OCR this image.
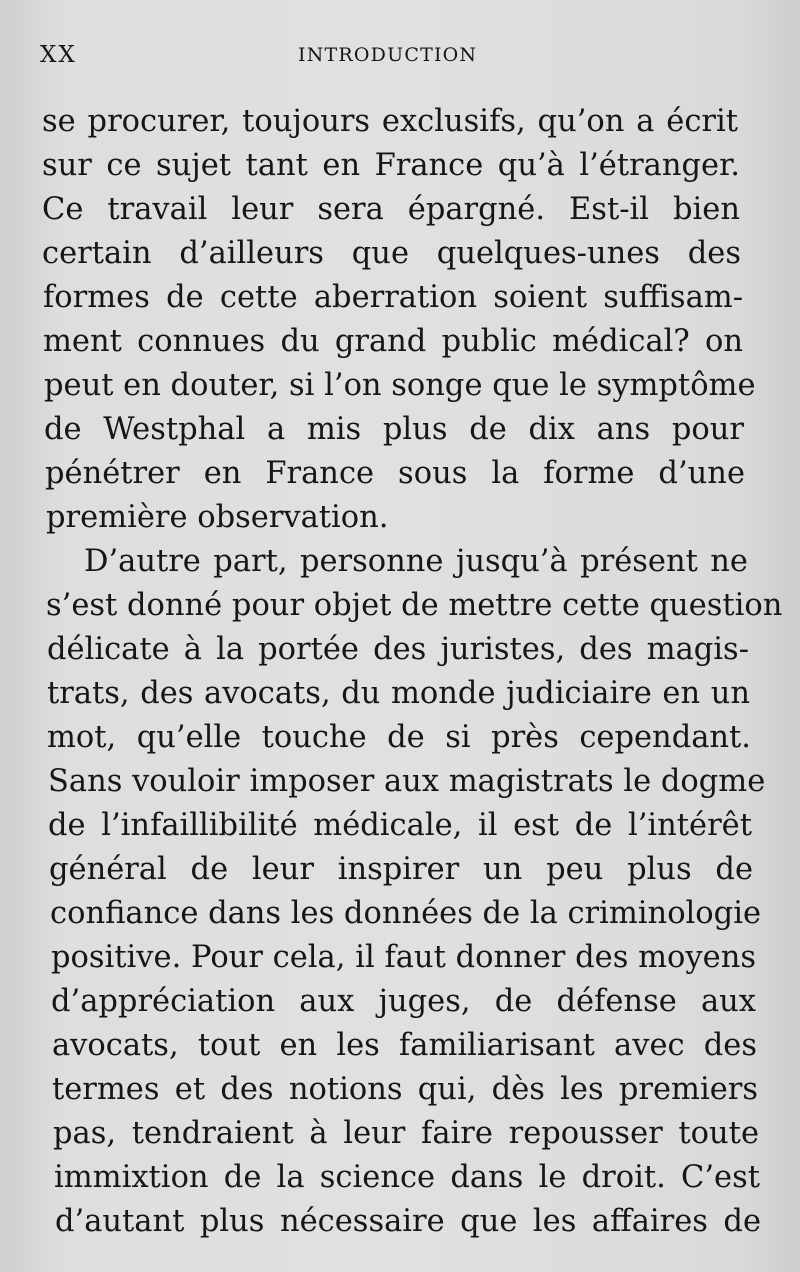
XX	INTRODUCTION
se procurer, toujours exclusifs, qu’on a écrit
sur ce sujet tant en France qu’à l’étranger.
Ce travail leur sera épargné. Est-il bien
certain d’ailleurs que quelques-unes des
formes de cette aberration soient suffisam-
ment connues du grand public médical? on
peut en douter, si l’on songe que le symptôme
de Westphal a mis plus de dix ans pour
pénétrer en France sous la forme d’une
première observation.
D’autre part, personne jusqu’à présent ne
s’est donné pour objet de mettre cette question
délicate à la portée des juristes, des magis-
trats, des avocats, du monde judiciaire en un
mot, qu’elle touche de si près cependant.
Sans vouloir imposer aux magistrats le dogme
de l’infaillibilité médicale, il est de l’intérêt
général de leur inspirer un peu plus de
confiance dans les données de la criminologie
positive. Pour cela, il faut donner des moyens
d’appréciation aux juges, de défense aux
avocats, tout en les familiarisant avec des
termes et des notions qui, dès les premiers
pas, tendraient à leur faire repousser toute
immixtion de la science dans le droit. C’est
d’autant plus nécessaire que les affaires de
